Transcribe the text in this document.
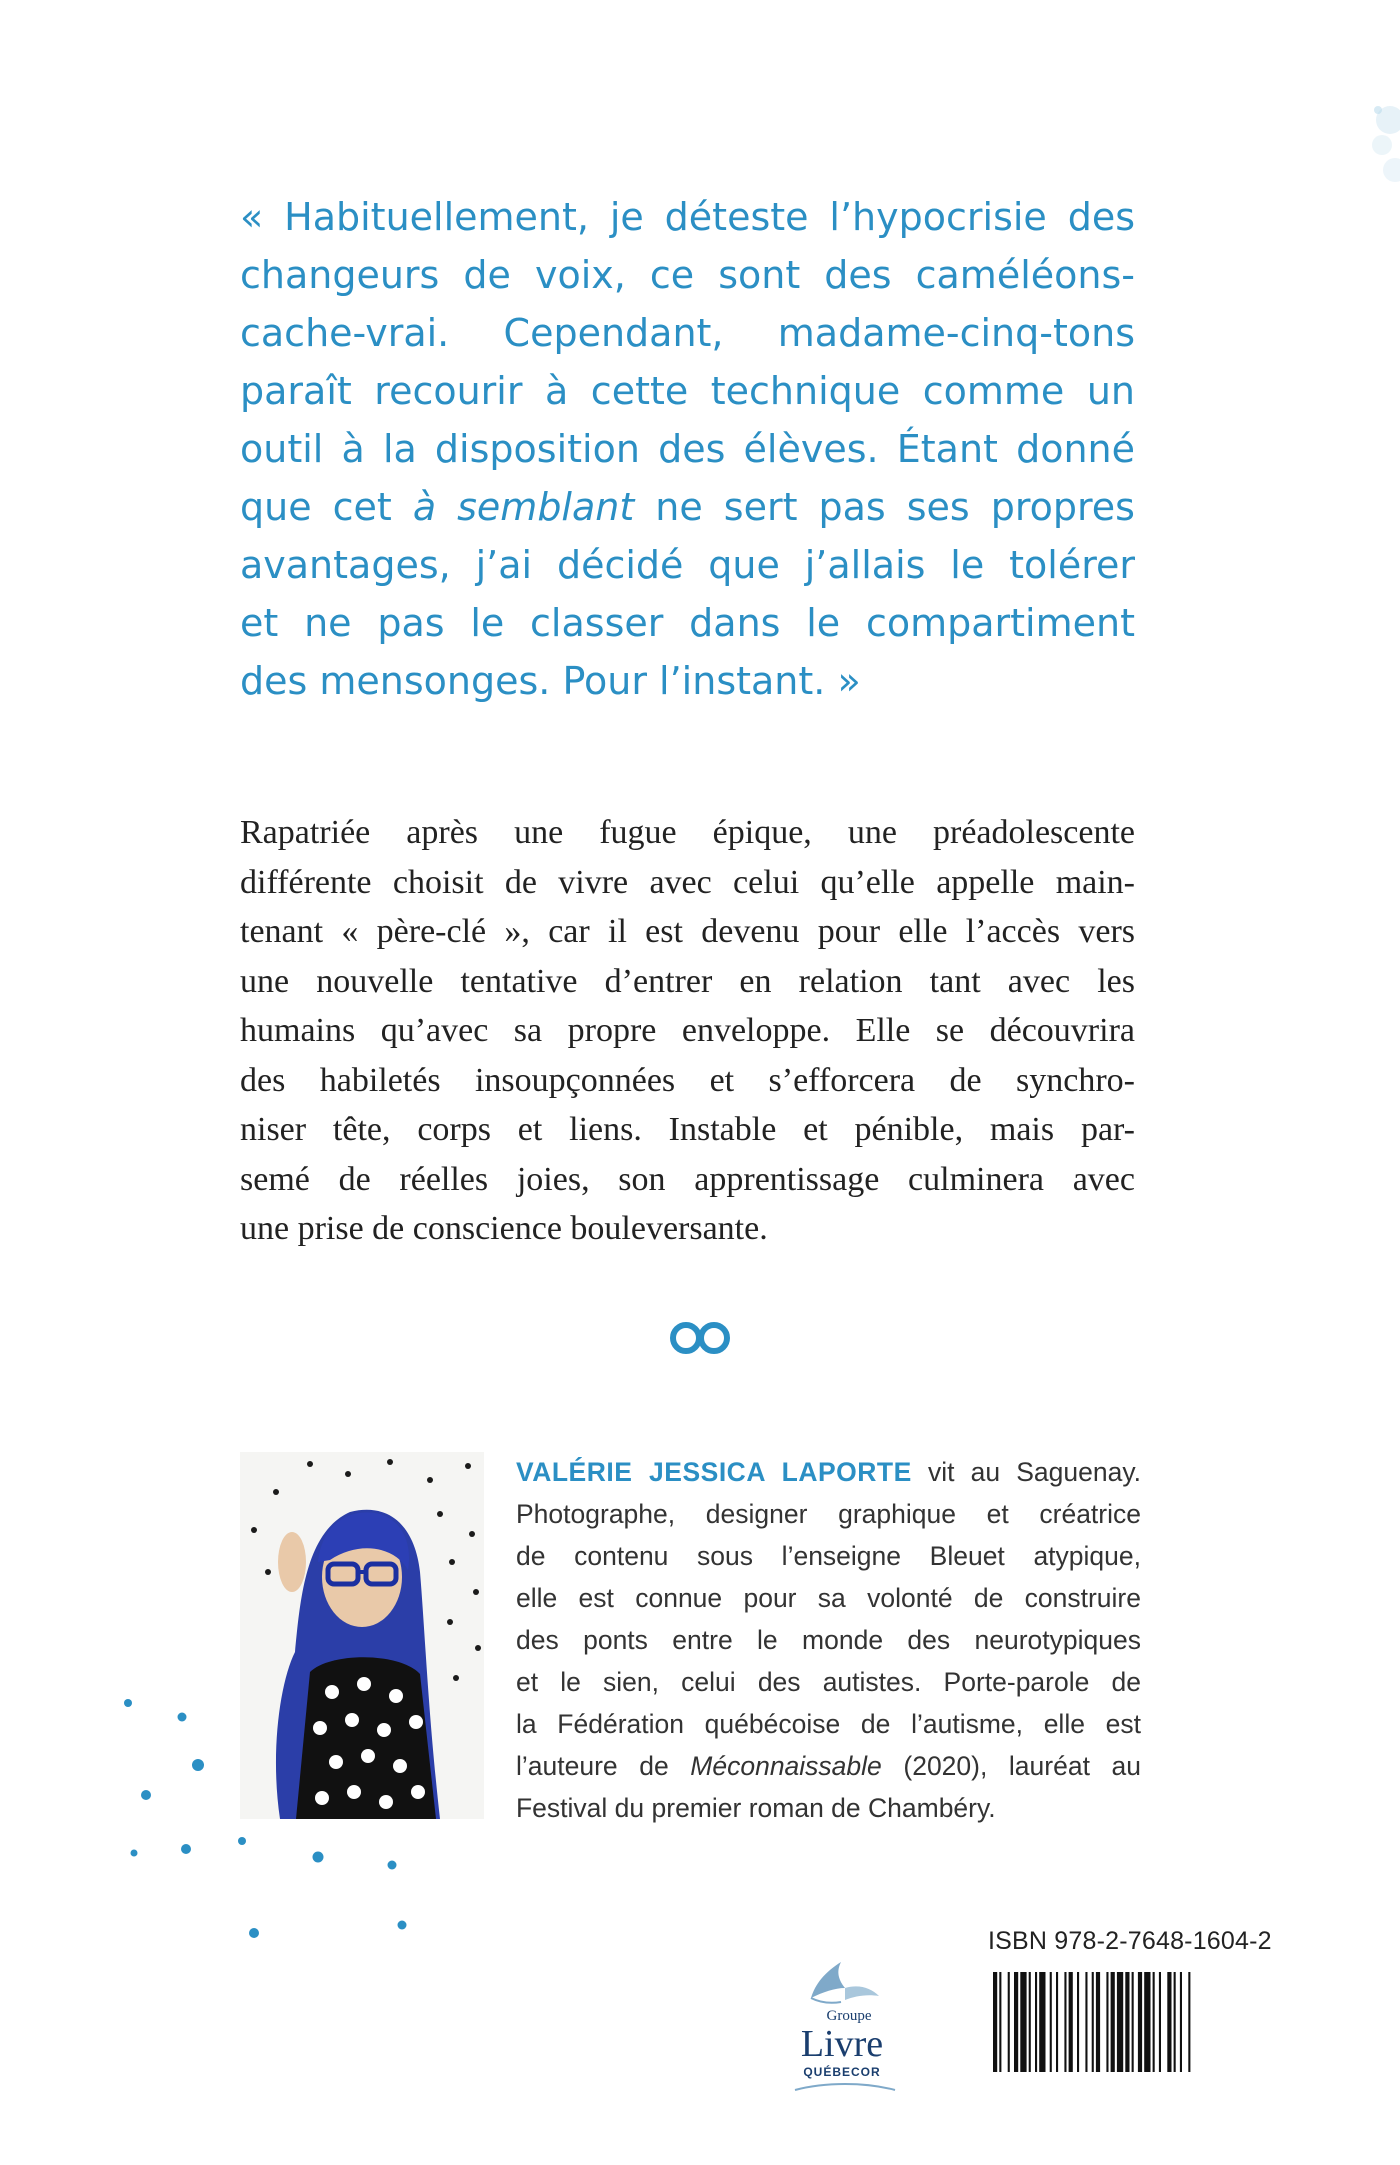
« Habituellement, je déteste l’hypocrisie des
changeurs de voix, ce sont des caméléons-
cache-vrai. Cependant, madame-cinq-tons
paraît recourir à cette technique comme un
outil à la disposition des élèves. Étant donné
que cet à semblant ne sert pas ses propres
avantages, j’ai décidé que j’allais le tolérer
et ne pas le classer dans le compartiment
des mensonges. Pour l’instant. »

Rapatriée après une fugue épique, une préadolescente
différente choisit de vivre avec celui qu’elle appelle main-
tenant « père-clé », car il est devenu pour elle l’accès vers
une nouvelle tentative d’entrer en relation tant avec les
humains qu’avec sa propre enveloppe. Elle se découvrira
des habiletés insoupçonnées et s’efforcera de synchro-
niser tête, corps et liens. Instable et pénible, mais par-
semé de réelles joies, son apprentissage culminera avec
une prise de conscience bouleversante.

VALÉRIE JESSICA LAPORTE vit au Saguenay.
Photographe, designer graphique et créatrice
de contenu sous l’enseigne Bleuet atypique,
elle est connue pour sa volonté de construire
des ponts entre le monde des neurotypiques
et le sien, celui des autistes. Porte-parole de
la Fédération québécoise de l’autisme, elle est
l’auteure de Méconnaissable (2020), lauréat au
Festival du premier roman de Chambéry.
Groupe
Livre
QUÉBECOR
ISBN 978-2-7648-1604-2
